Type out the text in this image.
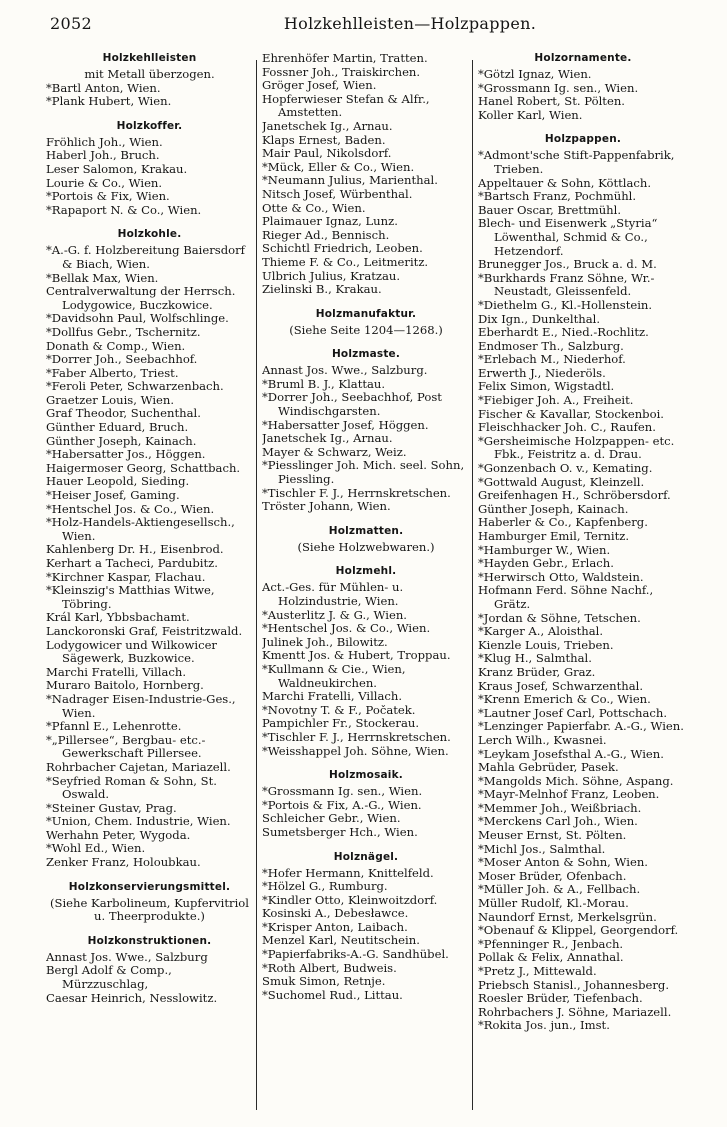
2052	Holzkehlleisten—Holzpappen.
Holzkehlleisten
mit Metall überzogen.
*Bartl Anton, Wien.
*Plank Hubert, Wien.
Holzkoffer.
Fröhlich Joh., Wien.
Haberl Joh., Bruch.
Leser Salomon, Krakau.
Lourie & Co., Wien.
*Portois & Fix, Wien.
*Rapaport N. & Co., Wien.
Holzkohle.
*A.-G. f. Holzbereitung Baiersdorf & Biach, Wien.
*Bellak Max, Wien.
Centralverwaltung der Herrsch. Lodygowice, Buczkowice.
*Davidsohn Paul, Wolfschlinge.
*Dollfus Gebr., Tschernitz.
Donath & Comp., Wien.
*Dorrer Joh., Seebachhof.
*Faber Alberto, Triest.
*Feroli Peter, Schwarzenbach.
Graetzer Louis, Wien.
Graf Theodor, Suchenthal.
Günther Eduard, Bruch.
Günther Joseph, Kainach.
*Habersatter Jos., Höggen.
Haigermoser Georg, Schattbach.
Hauer Leopold, Sieding.
*Heiser Josef, Gaming.
*Hentschel Jos. & Co., Wien.
*Holz-Handels-Aktiengesellsch., Wien.
Kahlenberg Dr. H., Eisenbrod.
Kerhart a Tacheci, Pardubitz.
*Kirchner Kaspar, Flachau.
*Kleinszig's Matthias Witwe, Töbring.
Král Karl, Ybbsbachamt.
Lanckoronski Graf, Feistritzwald.
Lodygowicer und Wilkowicer Sägewerk, Buzkowice.
Marchi Fratelli, Villach.
Muraro Baitolo, Hornberg.
*Nadrager Eisen-Industrie-Ges., Wien.
*Pfannl E., Lehenrotte.
*„Pillersee“, Bergbau- etc.-Gewerkschaft Pillersee.
Rohrbacher Cajetan, Mariazell.
*Seyfried Roman & Sohn, St. Oswald.
*Steiner Gustav, Prag.
*Union, Chem. Industrie, Wien.
Werhahn Peter, Wygoda.
*Wohl Ed., Wien.
Zenker Franz, Holoubkau.
Holzkonservierungsmittel.
(Siehe Karbolineum, Kupfervitriol u. Theerprodukte.)
Holzkonstruktionen.
Annast Jos. Wwe., Salzburg
Bergl Adolf & Comp., Mürzzuschlag,
Caesar Heinrich, Nesslowitz.
Ehrenhöfer Martin, Tratten.
Fossner Joh., Traiskirchen.
Gröger Josef, Wien.
Hopferwieser Stefan & Alfr., Amstetten.
Janetschek Ig., Arnau.
Klaps Ernest, Baden.
Mair Paul, Nikolsdorf.
*Mück, Eller & Co., Wien.
*Neumann Julius, Marienthal.
Nitsch Josef, Würbenthal.
Otte & Co., Wien.
Plaimauer Ignaz, Lunz.
Rieger Ad., Bennisch.
Schichtl Friedrich, Leoben.
Thieme F. & Co., Leitmeritz.
Ulbrich Julius, Kratzau.
Zielinski B., Krakau.
Holzmanufaktur.
(Siehe Seite 1204—1268.)
Holzmaste.
Annast Jos. Wwe., Salzburg.
*Bruml B. J., Klattau.
*Dorrer Joh., Seebachhof, Post Windischgarsten.
*Habersatter Josef, Höggen.
Janetschek Ig., Arnau.
Mayer & Schwarz, Weiz.
*Piesslinger Joh. Mich. seel. Sohn, Piessling.
*Tischler F. J., Herrnskretschen.
Tröster Johann, Wien.
Holzmatten.
(Siehe Holzwebwaren.)
Holzmehl.
Act.-Ges. für Mühlen- u. Holzindustrie, Wien.
*Austerlitz J. & G., Wien.
*Hentschel Jos. & Co., Wien.
Julinek Joh., Bilowitz.
Kmentt Jos. & Hubert, Troppau.
*Kullmann & Cie., Wien, Waldneukirchen.
Marchi Fratelli, Villach.
*Novotny T. & F., Počatek.
Pampichler Fr., Stockerau.
*Tischler F. J., Herrnskretschen.
*Weisshappel Joh. Söhne, Wien.
Holzmosaik.
*Grossmann Ig. sen., Wien.
*Portois & Fix, A.-G., Wien.
Schleicher Gebr., Wien.
Sumetsberger Hch., Wien.
Holznägel.
*Hofer Hermann, Knittelfeld.
*Hölzel G., Rumburg.
*Kindler Otto, Kleinwoitzdorf.
Kosinski A., Debesławce.
*Krisper Anton, Laibach.
Menzel Karl, Neutitschein.
*Papierfabriks-A.-G. Sandhübel.
*Roth Albert, Budweis.
Smuk Simon, Retnje.
*Suchomel Rud., Littau.
Holzornamente.
*Götzl Ignaz, Wien.
*Grossmann Ig. sen., Wien.
Hanel Robert, St. Pölten.
Koller Karl, Wien.
Holzpappen.
*Admont'sche Stift-Pappenfabrik, Trieben.
Appeltauer & Sohn, Köttlach.
*Bartsch Franz, Pochmühl.
Bauer Oscar, Brettmühl.
Blech- und Eisenwerk „Styria“ Löwenthal, Schmid & Co., Hetzendorf.
Brunegger Jos., Bruck a. d. M.
*Burkhards Franz Söhne, Wr.-Neustadt, Gleissenfeld.
*Diethelm G., Kl.-Hollenstein.
Dix Ign., Dunkelthal.
Eberhardt E., Nied.-Rochlitz.
Endmoser Th., Salzburg.
*Erlebach M., Niederhof.
Erwerth J., Niederöls.
Felix Simon, Wigstadtl.
*Fiebiger Joh. A., Freiheit.
Fischer & Kavallar, Stockenboi.
Fleischhacker Joh. C., Raufen.
*Gersheimische Holzpappen- etc. Fbk., Feistritz a. d. Drau.
*Gonzenbach O. v., Kemating.
*Gottwald August, Kleinzell.
Greifenhagen H., Schröbersdorf.
Günther Joseph, Kainach.
Haberler & Co., Kapfenberg.
Hamburger Emil, Ternitz.
*Hamburger W., Wien.
*Hayden Gebr., Erlach.
*Herwirsch Otto, Waldstein.
Hofmann Ferd. Söhne Nachf., Grätz.
*Jordan & Söhne, Tetschen.
*Karger A., Aloisthal.
Kienzle Louis, Trieben.
*Klug H., Salmthal.
Kranz Brüder, Graz.
Kraus Josef, Schwarzenthal.
*Krenn Emerich & Co., Wien.
*Lautner Josef Carl, Pottschach.
*Lenzinger Papierfabr. A.-G., Wien.
Lerch Wilh., Kwasnei.
*Leykam Josefsthal A.-G., Wien.
Mahla Gebrüder, Pasek.
*Mangolds Mich. Söhne, Aspang.
*Mayr-Melnhof Franz, Leoben.
*Memmer Joh., Weißbriach.
*Merckens Carl Joh., Wien.
Meuser Ernst, St. Pölten.
*Michl Jos., Salmthal.
*Moser Anton & Sohn, Wien.
Moser Brüder, Ofenbach.
*Müller Joh. & A., Fellbach.
Müller Rudolf, Kl.-Morau.
Naundorf Ernst, Merkelsgrün.
*Obenauf & Klippel, Georgendorf.
*Pfenninger R., Jenbach.
Pollak & Felix, Annathal.
*Pretz J., Mittewald.
Priebsch Stanisl., Johannesberg.
Roesler Brüder, Tiefenbach.
Rohrbachers J. Söhne, Mariazell.
*Rokita Jos. jun., Imst.
